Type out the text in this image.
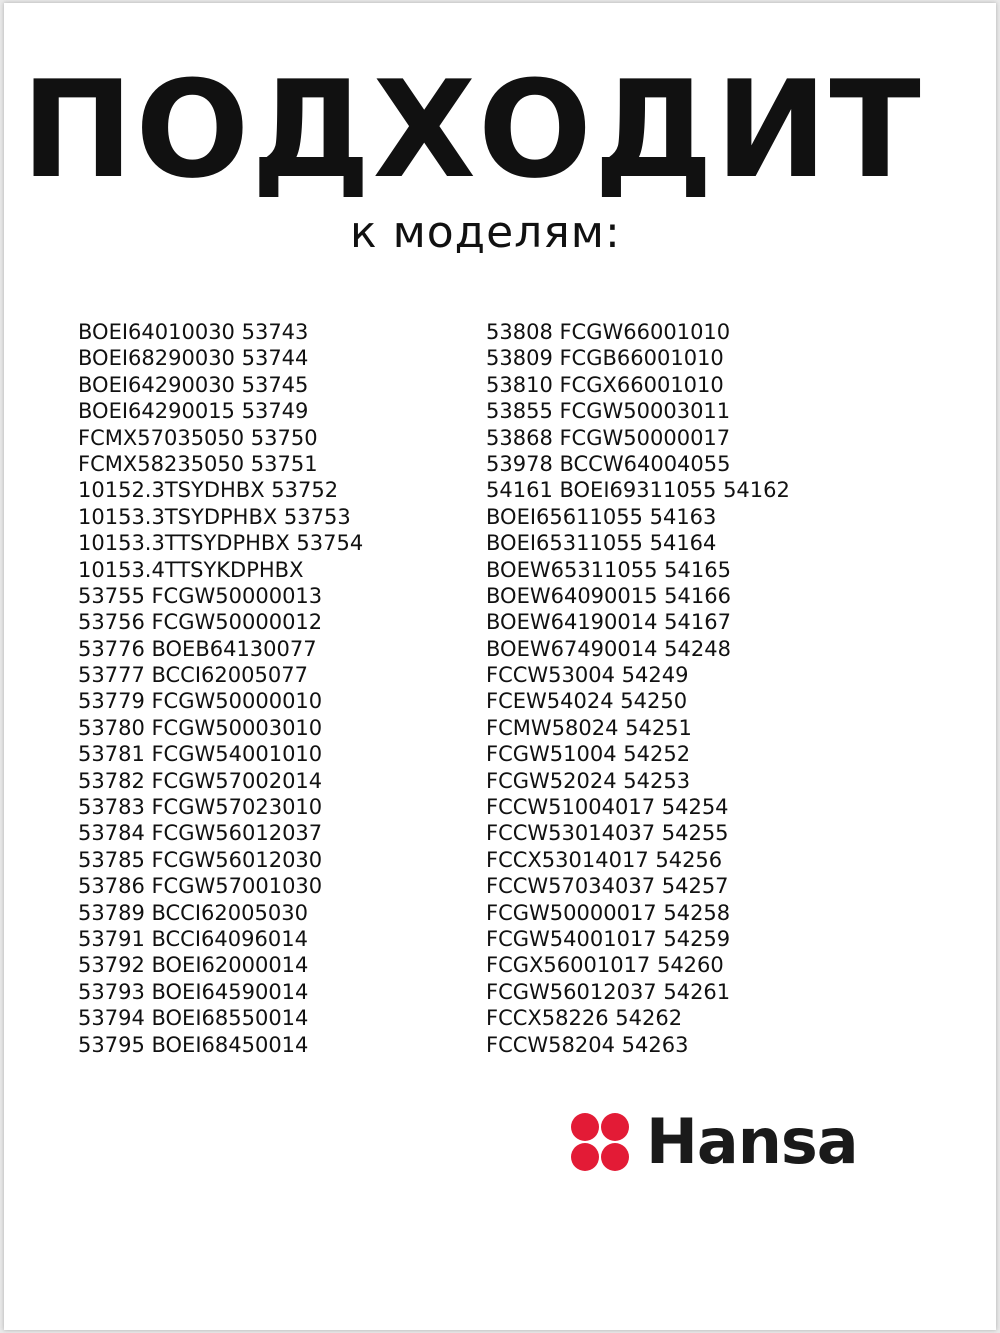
ПОДХОДИТ
к моделям:
BOEI64010030 53743
BOEI68290030 53744
BOEI64290030 53745
BOEI64290015 53749
FCMX57035050 53750
FCMX58235050 53751
10152.3TSYDHBX 53752
10153.3TSYDPHBX 53753
10153.3TTSYDPHBX 53754
10153.4TTSYKDPHBX
53755 FCGW50000013
53756 FCGW50000012
53776 BOEB64130077
53777 BCCI62005077
53779 FCGW50000010
53780 FCGW50003010
53781 FCGW54001010
53782 FCGW57002014
53783 FCGW57023010
53784 FCGW56012037
53785 FCGW56012030
53786 FCGW57001030
53789 BCCI62005030
53791 BCCI64096014
53792 BOEI62000014
53793 BOEI64590014
53794 BOEI68550014
53795 BOEI68450014
53808 FCGW66001010
53809 FCGB66001010
53810 FCGX66001010
53855 FCGW50003011
53868 FCGW50000017
53978 BCCW64004055
54161 BOEI69311055 54162
BOEI65611055 54163
BOEI65311055 54164
BOEW65311055 54165
BOEW64090015 54166
BOEW64190014 54167
BOEW67490014 54248
FCCW53004 54249
FCEW54024 54250
FCMW58024 54251
FCGW51004 54252
FCGW52024 54253
FCCW51004017 54254
FCCW53014037 54255
FCCX53014017 54256
FCCW57034037 54257
FCGW50000017 54258
FCGW54001017 54259
FCGX56001017 54260
FCGW56012037 54261
FCCX58226 54262
FCCW58204 54263
Hansa
